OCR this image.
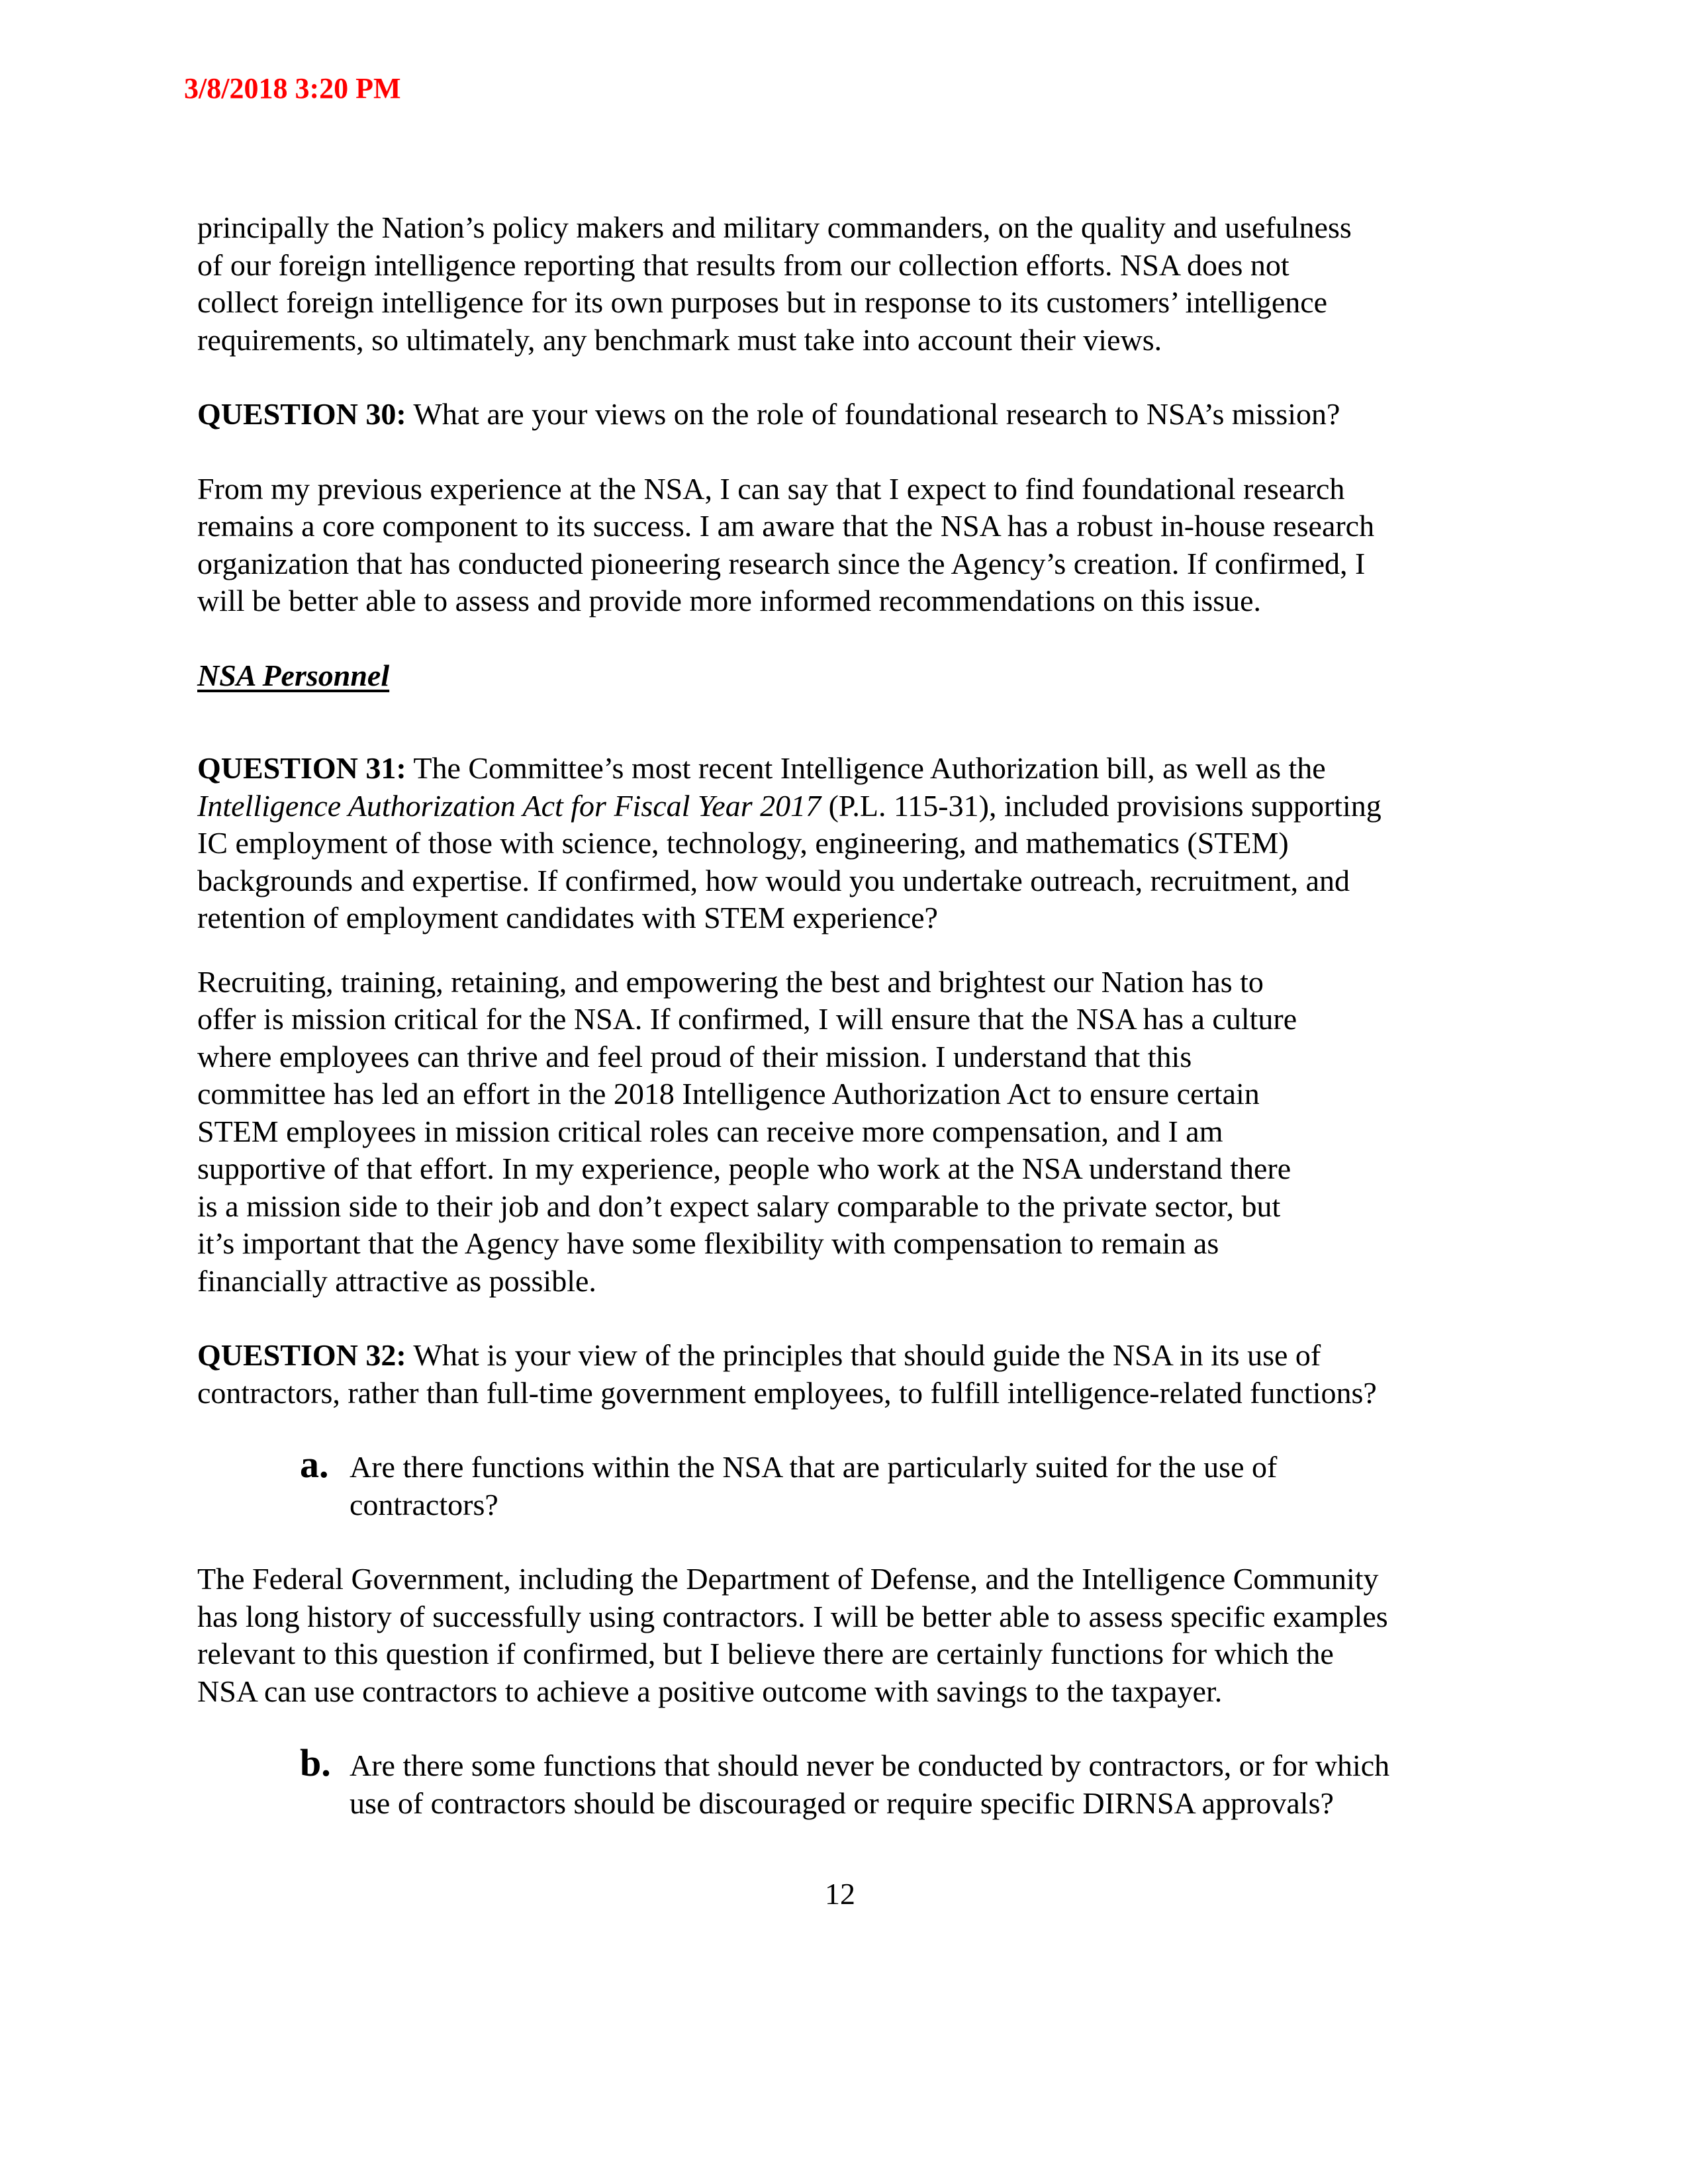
3/8/2018 3:20 PM
principally the Nation’s policy makers and military commanders, on the quality and usefulness
of our foreign intelligence reporting that results from our collection efforts. NSA does not
collect foreign intelligence for its own purposes but in response to its customers’ intelligence
requirements, so ultimately, any benchmark must take into account their views.
QUESTION 30: What are your views on the role of foundational research to NSA’s mission?
From my previous experience at the NSA, I can say that I expect to find foundational research
remains a core component to its success. I am aware that the NSA has a robust in-house research
organization that has conducted pioneering research since the Agency’s creation. If confirmed, I
will be better able to assess and provide more informed recommendations on this issue.
NSA Personnel
QUESTION 31: The Committee’s most recent Intelligence Authorization bill, as well as the
Intelligence Authorization Act for Fiscal Year 2017 (P.L. 115-31), included provisions supporting
IC employment of those with science, technology, engineering, and mathematics (STEM)
backgrounds and expertise. If confirmed, how would you undertake outreach, recruitment, and
retention of employment candidates with STEM experience?
Recruiting, training, retaining, and empowering the best and brightest our Nation has to
offer is mission critical for the NSA. If confirmed, I will ensure that the NSA has a culture
where employees can thrive and feel proud of their mission. I understand that this
committee has led an effort in the 2018 Intelligence Authorization Act to ensure certain
STEM employees in mission critical roles can receive more compensation, and I am
supportive of that effort. In my experience, people who work at the NSA understand there
is a mission side to their job and don’t expect salary comparable to the private sector, but
it’s important that the Agency have some flexibility with compensation to remain as
financially attractive as possible.
QUESTION 32: What is your view of the principles that should guide the NSA in its use of
contractors, rather than full-time government employees, to fulfill intelligence-related functions?
a. Are there functions within the NSA that are particularly suited for the use of
contractors?
The Federal Government, including the Department of Defense, and the Intelligence Community
has long history of successfully using contractors. I will be better able to assess specific examples
relevant to this question if confirmed, but I believe there are certainly functions for which the
NSA can use contractors to achieve a positive outcome with savings to the taxpayer.
b. Are there some functions that should never be conducted by contractors, or for which
use of contractors should be discouraged or require specific DIRNSA approvals?
12
